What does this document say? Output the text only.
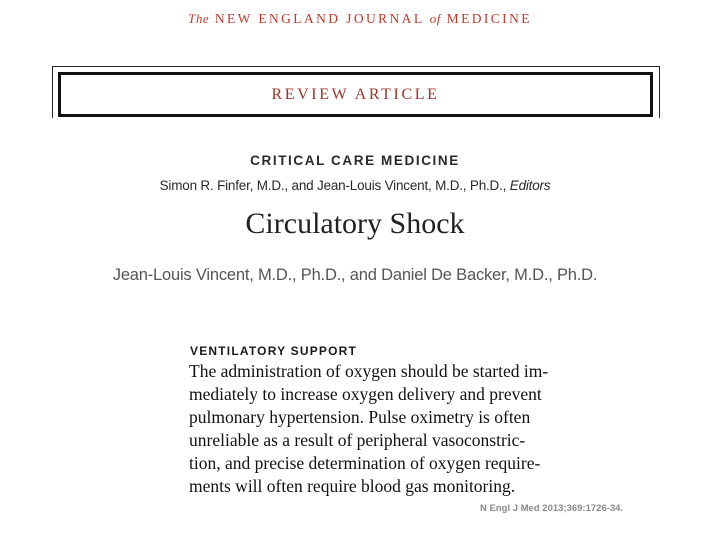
The NEW ENGLAND JOURNAL of MEDICINE
REVIEW ARTICLE
CRITICAL CARE MEDICINE
Simon R. Finfer, M.D., and Jean-Louis Vincent, M.D., Ph.D., Editors
Circulatory Shock
Jean-Louis Vincent, M.D., Ph.D., and Daniel De Backer, M.D., Ph.D.
VENTILATORY SUPPORT
The administration of oxygen should be started im-
mediately to increase oxygen delivery and prevent
pulmonary hypertension. Pulse oximetry is often
unreliable as a result of peripheral vasoconstric-
tion, and precise determination of oxygen require-
ments will often require blood gas monitoring.
N Engl J Med 2013;369:1726-34.
